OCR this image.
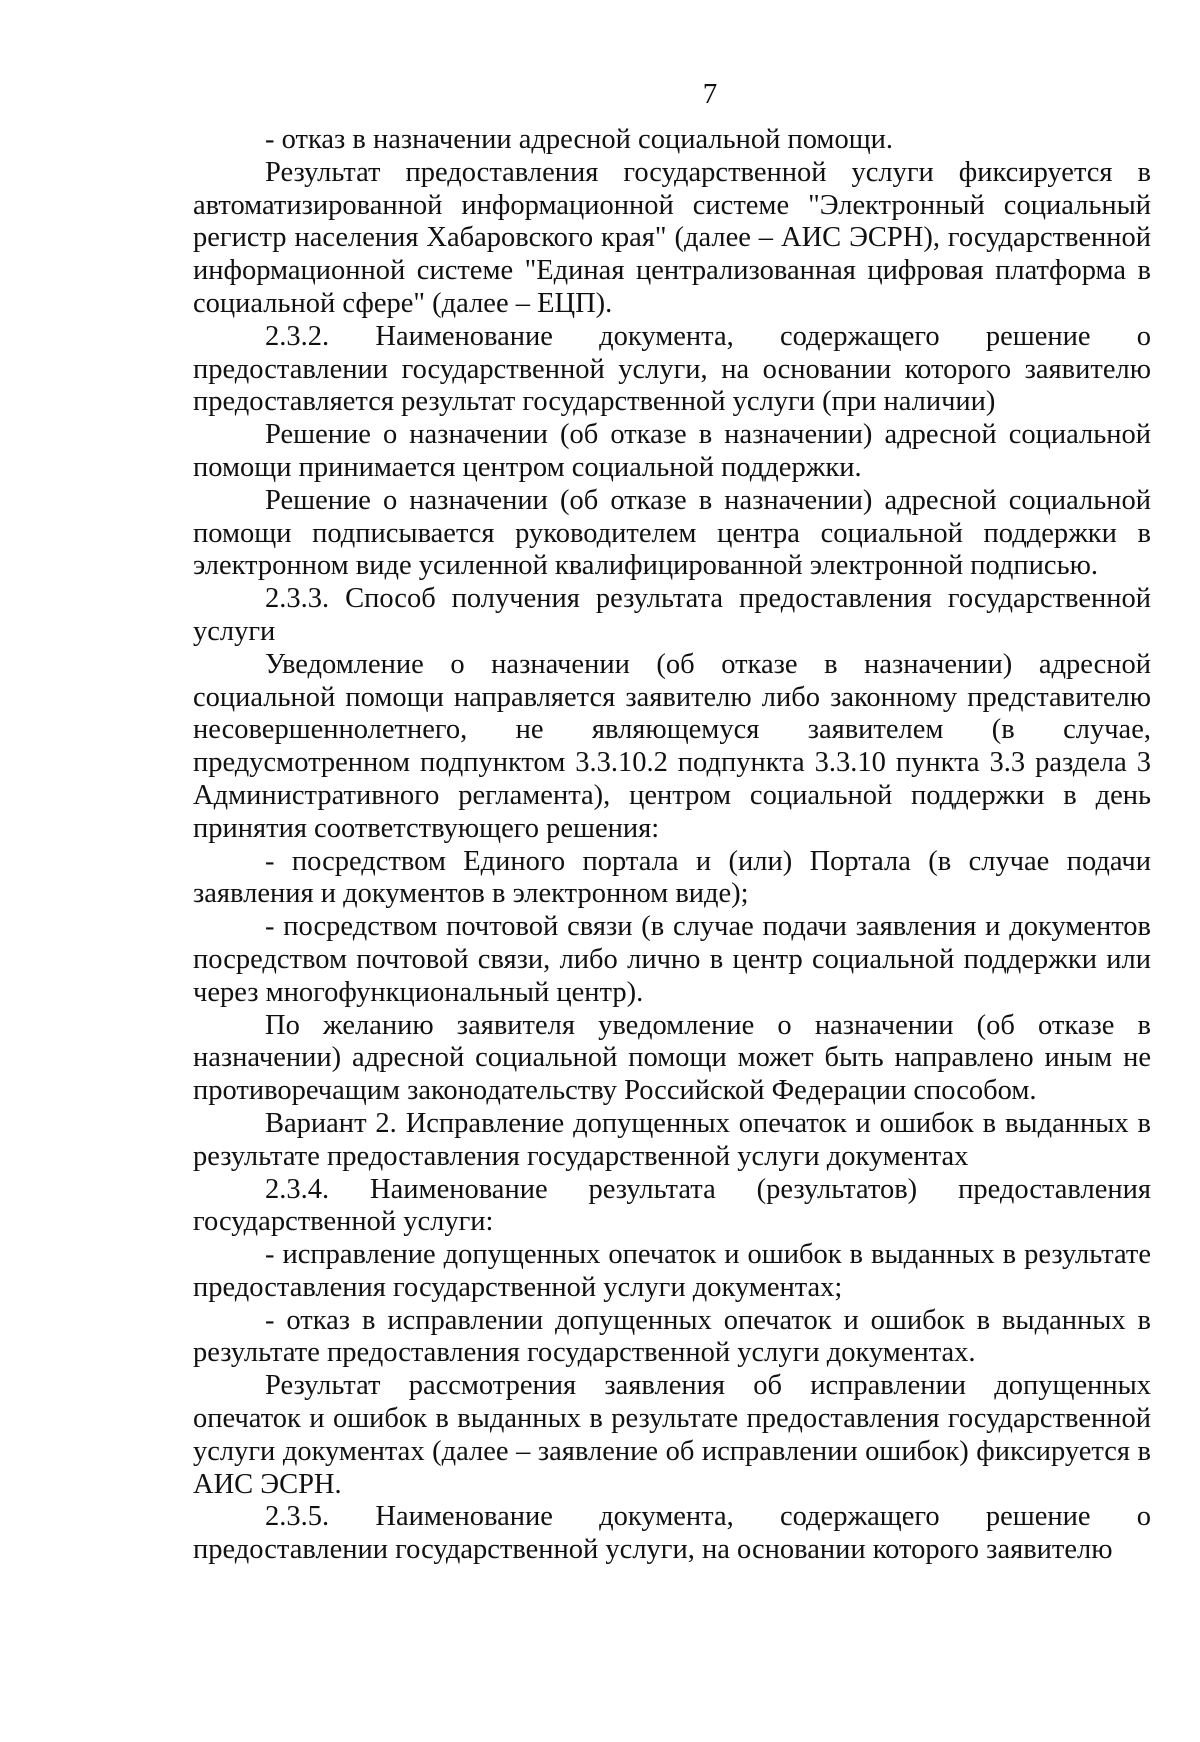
7

- отказ в назначении адресной социальной помощи.

Результат предоставления государственной услуги фиксируется в автоматизированной информационной системе "Электронный социальный регистр населения Хабаровского края" (далее – АИС ЭСРН), государственной информационной системе "Единая централизованная цифровая платформа в социальной сфере" (далее – ЕЦП).

2.3.2. Наименование документа, содержащего решение о предоставлении государственной услуги, на основании которого заявителю предоставляется результат государственной услуги (при наличии)

Решение о назначении (об отказе в назначении) адресной социальной помощи принимается центром социальной поддержки.

Решение о назначении (об отказе в назначении) адресной социальной помощи подписывается руководителем центра социальной поддержки в электронном виде усиленной квалифицированной электронной подписью.

2.3.3. Способ получения результата предоставления государственной услуги

Уведомление о назначении (об отказе в назначении) адресной социальной помощи направляется заявителю либо законному представителю несовершеннолетнего, не являющемуся заявителем (в случае, предусмотренном подпунктом 3.3.10.2 подпункта 3.3.10 пункта 3.3 раздела 3 Административного регламента), центром социальной поддержки в день принятия соответствующего решения:

- посредством Единого портала и (или) Портала (в случае подачи заявления и документов в электронном виде);

- посредством почтовой связи (в случае подачи заявления и документов посредством почтовой связи, либо лично в центр социальной поддержки или через многофункциональный центр).

По желанию заявителя уведомление о назначении (об отказе в назначении) адресной социальной помощи может быть направлено иным не противоречащим законодательству Российской Федерации способом.

Вариант 2. Исправление допущенных опечаток и ошибок в выданных в результате предоставления государственной услуги документах

2.3.4. Наименование результата (результатов) предоставления государственной услуги:

- исправление допущенных опечаток и ошибок в выданных в результате предоставления государственной услуги документах;

- отказ в исправлении допущенных опечаток и ошибок в выданных в результате предоставления государственной услуги документах.

Результат рассмотрения заявления об исправлении допущенных опечаток и ошибок в выданных в результате предоставления государственной услуги документах (далее – заявление об исправлении ошибок) фиксируется в АИС ЭСРН.

2.3.5. Наименование документа, содержащего решение о предоставлении государственной услуги, на основании которого заявителю
